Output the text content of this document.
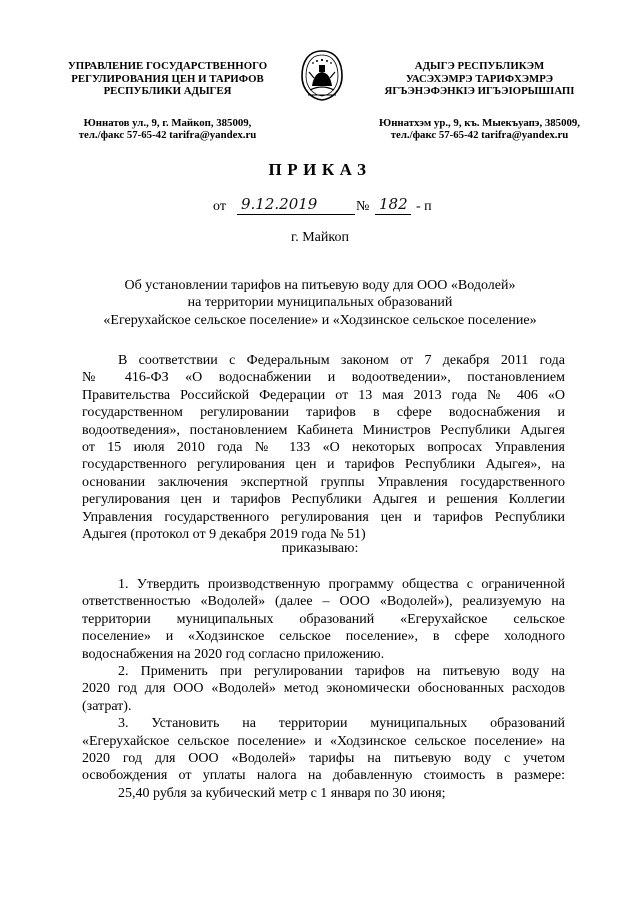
УПРАВЛЕНИЕ ГОСУДАРСТВЕННОГО
РЕГУЛИРОВАНИЯ ЦЕН И ТАРИФОВ
РЕСПУБЛИКИ АДЫГЕЯ
Юннатов ул., 9, г. Майкоп, 385009,
тел./факс 57-65-42 tarifra@yandex.ru
АДЫГЭ РЕСПУБЛИКЭМ
УАСЭХЭМРЭ ТАРИФХЭМРЭ
ЯГЪЭНЭФЭНКIЭ ИГЪЭIОРЫШIАПI
Юннатхэм ур., 9, къ. Мыекъуапэ, 385009,
тел./факс 57-65-42 tarifra@yandex.ru
ПРИКАЗ
от 9.12.2019	№ 182 - п
г. Майкоп
Об установлении тарифов на питьевую воду для ООО «Водолей»
на территории муниципальных образований
«Егерухайское сельское поселение» и «Ходзинское сельское поселение»
В соответствии с Федеральным законом от 7 декабря 2011 года
№ 416-ФЗ «О водоснабжении и водоотведении», постановлением
Правительства Российской Федерации от 13 мая 2013 года № 406 «О
государственном регулировании тарифов в сфере водоснабжения и
водоотведения», постановлением Кабинета Министров Республики Адыгея
от 15 июля 2010 года № 133 «О некоторых вопросах Управления
государственного регулирования цен и тарифов Республики Адыгея», на
основании заключения экспертной группы Управления государственного
регулирования цен и тарифов Республики Адыгея и решения Коллегии
Управления государственного регулирования цен и тарифов Республики
Адыгея (протокол от 9 декабря 2019 года № 51)
приказываю:
1. Утвердить производственную программу общества с ограниченной
ответственностью «Водолей» (далее – ООО «Водолей»), реализуемую на
территории муниципальных образований «Егерухайское сельское
поселение» и «Ходзинское сельское поселение», в сфере холодного
водоснабжения на 2020 год согласно приложению.
2. Применить при регулировании тарифов на питьевую воду на
2020 год для ООО «Водолей» метод экономически обоснованных расходов
(затрат).
3. Установить на территории муниципальных образований
«Егерухайское сельское поселение» и «Ходзинское сельское поселение» на
2020 год для ООО «Водолей» тарифы на питьевую воду с учетом
освобождения от уплаты налога на добавленную стоимость в размере:
25,40 рубля за кубический метр с 1 января по 30 июня;
